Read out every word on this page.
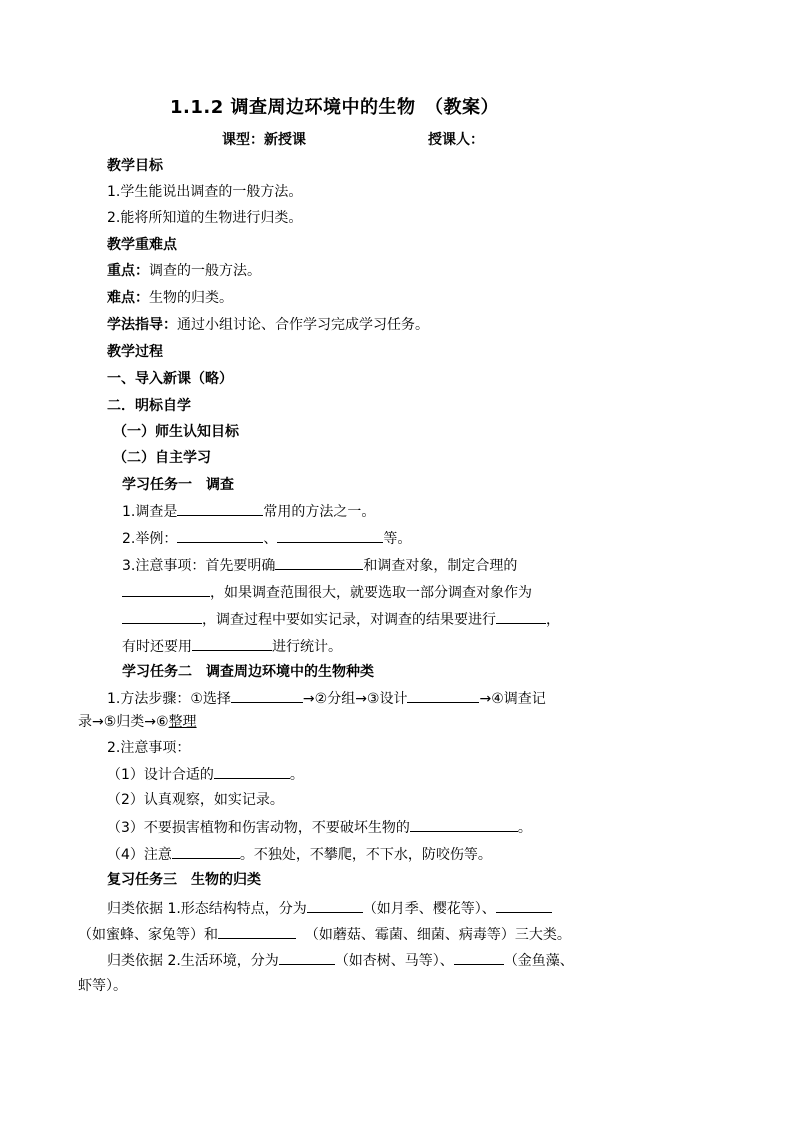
1.1.2 调查周边环境中的生物　（教案）
课型：新授课	授课人：
教学目标
1.学生能说出调查的一般方法。
2.能将所知道的生物进行归类。
教学重难点
重点：调查的一般方法。
难点：生物的归类。
学法指导：通过小组讨论、合作学习完成学习任务。
教学过程
一、导入新课（略）
二．明标自学
（一）师生认知目标
（二）自主学习
学习任务一　调查
1.调查是	常用的方法之一。
2.举例：	、	等。
3.注意事项：首先要明确	和调查对象，制定合理的
，如果调查范围很大，就要选取一部分调查对象作为
，调查过程中要如实记录，对调查的结果要进行	，
有时还要用	进行统计。
学习任务二　调查周边环境中的生物种类
1.方法步骤：①选择	→②分组→③设计	→④调查记
录→⑤归类→⑥整理
2.注意事项：
（1）设计合适的	。
（2）认真观察，如实记录。
（3）不要损害植物和伤害动物，不要破坏生物的	。
（4）注意	。不独处，不攀爬，不下水，防咬伤等。
复习任务三　生物的归类
归类依据 1.形态结构特点，分为	（如月季、樱花等）、
（如蜜蜂、家兔等）和	（如蘑菇、霉菌、细菌、病毒等）三大类。
归类依据 2.生活环境，分为	（如杏树、马等）、	（金鱼藻、
虾等）。
